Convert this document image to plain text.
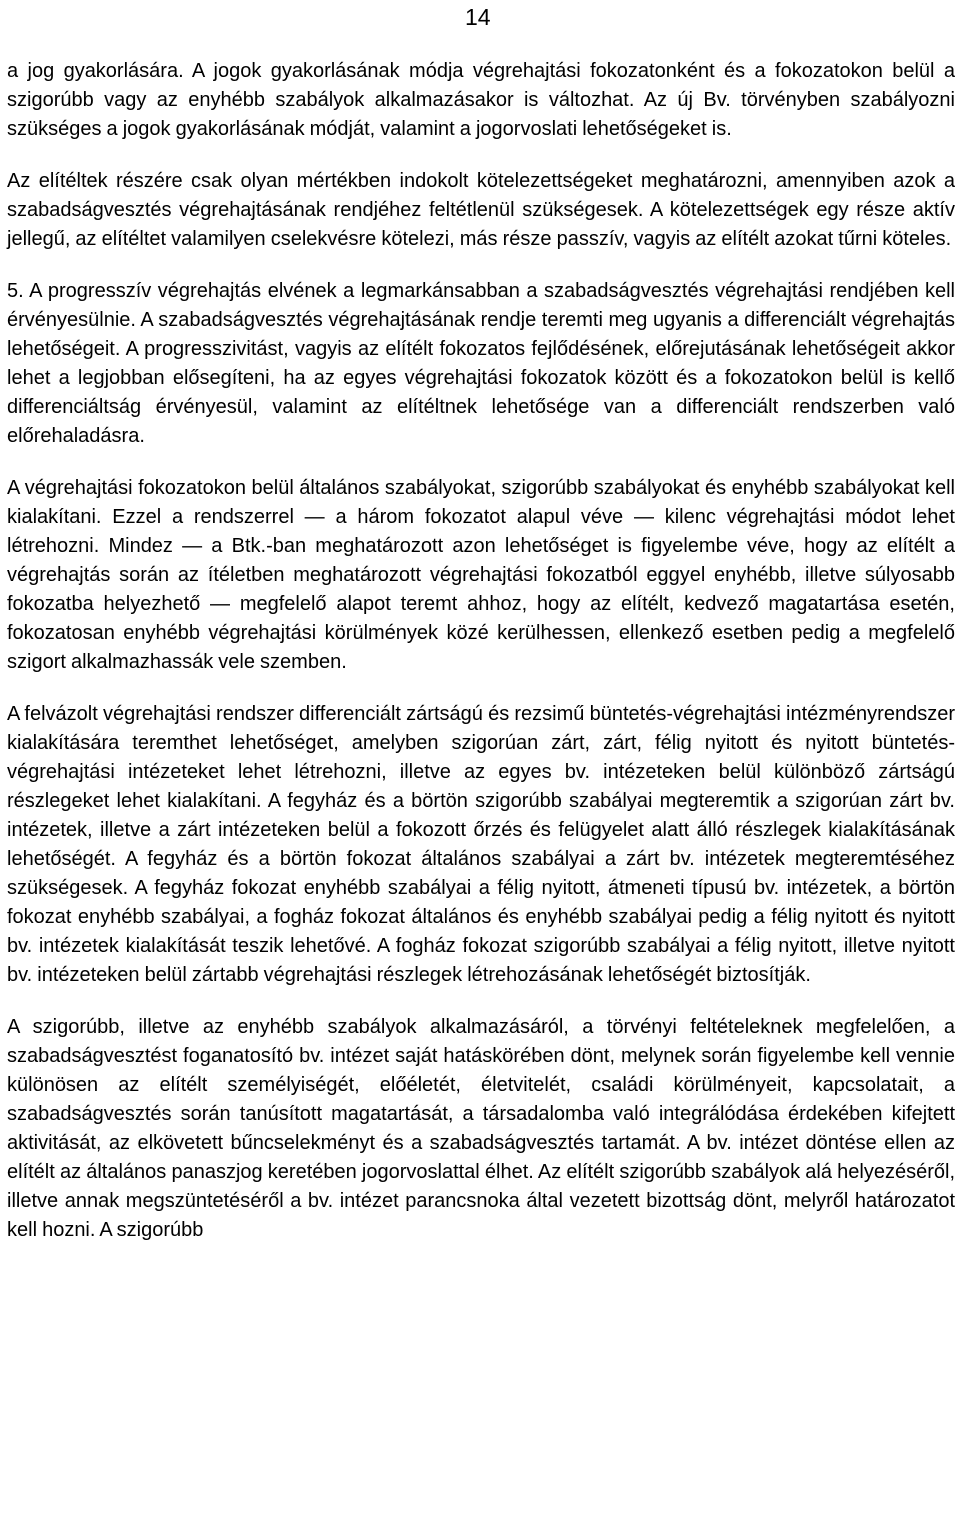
14

a jog gyakorlására. A jogok gyakorlásának módja végrehajtási fokozatonként és a fokozatokon belül a szigorúbb vagy az enyhébb szabályok alkalmazásakor is változhat. Az új Bv. törvényben szabályozni szükséges a jogok gyakorlásának módját, valamint a jogorvoslati lehetőségeket is.

Az elítéltek részére csak olyan mértékben indokolt kötelezettségeket meghatározni, amennyiben azok a szabadságvesztés végrehajtásának rendjéhez feltétlenül szükségesek. A kötelezettségek egy része aktív jellegű, az elítéltet valamilyen cselekvésre kötelezi, más része passzív, vagyis az elítélt azokat tűrni köteles.

5. A progresszív végrehajtás elvének a legmarkánsabban a szabadságvesztés végrehajtási rendjében kell érvényesülnie. A szabadságvesztés végrehajtásának rendje teremti meg ugyanis a differenciált végrehajtás lehetőségeit. A progresszivitást, vagyis az elítélt fokozatos fejlődésének, előrejutásának lehetőségeit akkor lehet a legjobban elősegíteni, ha az egyes végrehajtási fokozatok között és a fokozatokon belül is kellő differenciáltság érvényesül, valamint az elítéltnek lehetősége van a differenciált rendszerben való előrehaladásra.

A végrehajtási fokozatokon belül általános szabályokat, szigorúbb szabályokat és enyhébb szabályokat kell kialakítani. Ezzel a rendszerrel — a három fokozatot alapul véve — kilenc végrehajtási módot lehet létrehozni. Mindez — a Btk.-ban meghatározott azon lehetőséget is figyelembe véve, hogy az elítélt a végrehajtás során az ítéletben meghatározott végrehajtási fokozatból eggyel enyhébb, illetve súlyosabb fokozatba helyezhető — megfelelő alapot teremt ahhoz, hogy az elítélt, kedvező magatartása esetén, fokozatosan enyhébb végrehajtási körülmények közé kerülhessen, ellenkező esetben pedig a megfelelő szigort alkalmazhassák vele szemben.

A felvázolt végrehajtási rendszer differenciált zártságú és rezsimű büntetés-végrehajtási intézményrendszer kialakítására teremthet lehetőséget, amelyben szigorúan zárt, zárt, félig nyitott és nyitott büntetés-végrehajtási intézeteket lehet létrehozni, illetve az egyes bv. intézeteken belül különböző zártságú részlegeket lehet kialakítani. A fegyház és a börtön szigorúbb szabályai megteremtik a szigorúan zárt bv. intézetek, illetve a zárt intézeteken belül a fokozott őrzés és felügyelet alatt álló részlegek kialakításának lehetőségét. A fegyház és a börtön fokozat általános szabályai a zárt bv. intézetek megteremtéséhez szükségesek. A fegyház fokozat enyhébb szabályai a félig nyitott, átmeneti típusú bv. intézetek, a börtön fokozat enyhébb szabályai, a fogház fokozat általános és enyhébb szabályai pedig a félig nyitott és nyitott bv. intézetek kialakítását teszik lehetővé. A fogház fokozat szigorúbb szabályai a félig nyitott, illetve nyitott bv. intézeteken belül zártabb végrehajtási részlegek létrehozásának lehetőségét biztosítják.

A szigorúbb, illetve az enyhébb szabályok alkalmazásáról, a törvényi feltételeknek megfelelően, a szabadságvesztést foganatosító bv. intézet saját hatáskörében dönt, melynek során figyelembe kell vennie különösen az elítélt személyiségét, előéletét, életvitelét, családi körülményeit, kapcsolatait, a szabadságvesztés során tanúsított magatartását, a társadalomba való integrálódása érdekében kifejtett aktivitását, az elkövetett bűncselekményt és a szabadságvesztés tartamát. A bv. intézet döntése ellen az elítélt az általános panaszjog keretében jogorvoslattal élhet. Az elítélt szigorúbb szabályok alá helyezéséről, illetve annak megszüntetéséről a bv. intézet parancsnoka által vezetett bizottság dönt, melyről határozatot kell hozni. A szigorúbb
